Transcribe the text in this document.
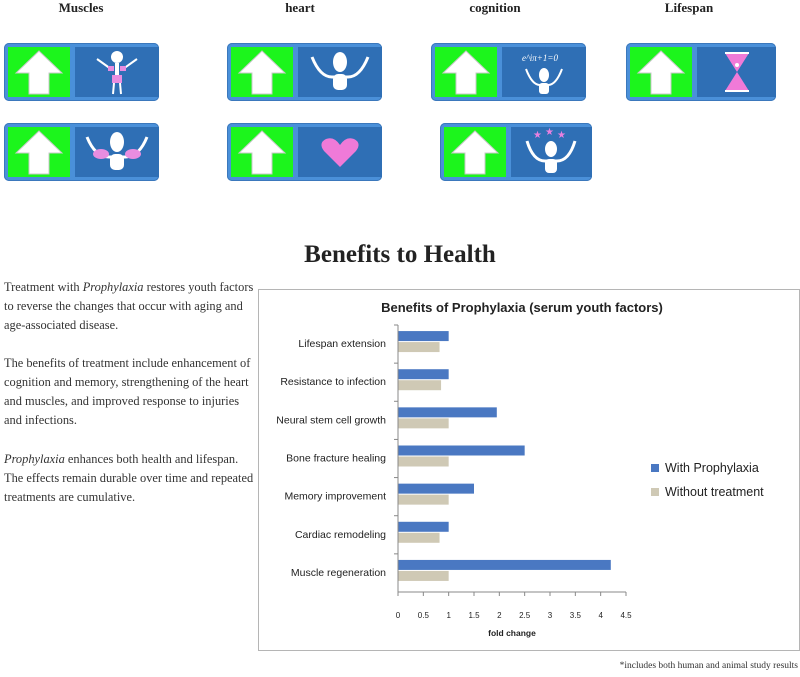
Muscles	heart	cognition	Lifespan
e^iπ+1=0
★ ★ ★
Benefits to Health
Treatment with Prophylaxia restores youth factors to reverse the changes that occur with aging and age-associated disease.
The benefits of treatment include enhancement of cognition and memory, strengthening of the heart and muscles, and improved response to injuries and infections.
Prophylaxia enhances both health and lifespan. The effects remain durable over time and repeated treatments are cumulative.
Benefits of Prophylaxia (serum youth factors)
Lifespan extension
Resistance to infection
Neural stem cell growth
Bone fracture healing
Memory improvement
Cardiac remodeling
Muscle regeneration
0 0.5 1 1.5 2 2.5 3 3.5 4 4.5
fold change
With Prophylaxia
Without treatment
*includes both human and animal study results
